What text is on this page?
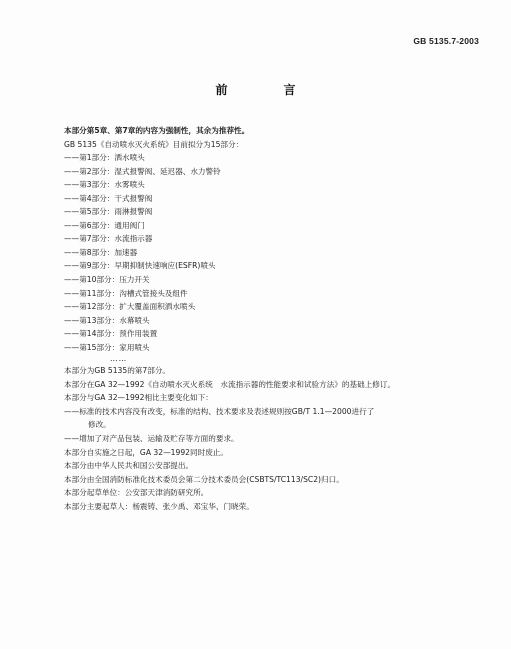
GB 5135.7-2003
前　言
本部分第5章、第7章的内容为强制性，其余为推荐性。
GB 5135《自动喷水灭火系统》目前拟分为15部分：
——第1部分：洒水喷头
——第2部分：湿式报警阀、延迟器、水力警铃
——第3部分：水雾喷头
——第4部分：干式报警阀
——第5部分：雨淋报警阀
——第6部分：通用阀门
——第7部分：水流指示器
——第8部分：加速器
——第9部分：早期抑制快速响应(ESFR)喷头
——第10部分：压力开关
——第11部分：沟槽式管接头及组件
——第12部分：扩大覆盖面积洒水喷头
——第13部分：水幕喷头
——第14部分：预作用装置
——第15部分：家用喷头
……
本部分为GB 5135的第7部分。
本部分在GA 32—1992《自动喷水灭火系统　水流指示器的性能要求和试验方法》的基础上修订。
本部分与GA 32—1992相比主要变化如下：
——标准的技术内容没有改变，标准的结构、技术要求及表述规则按GB/T 1.1—2000进行了
修改。
——增加了对产品包装、运输及贮存等方面的要求。
本部分自实施之日起，GA 32—1992同时废止。
本部分由中华人民共和国公安部提出。
本部分由全国消防标准化技术委员会第二分技术委员会(CSBTS/TC113/SC2)归口。
本部分起草单位：公安部天津消防研究所。
本部分主要起草人：杨震铸、张少禹、邓宝华、门晓荣。
